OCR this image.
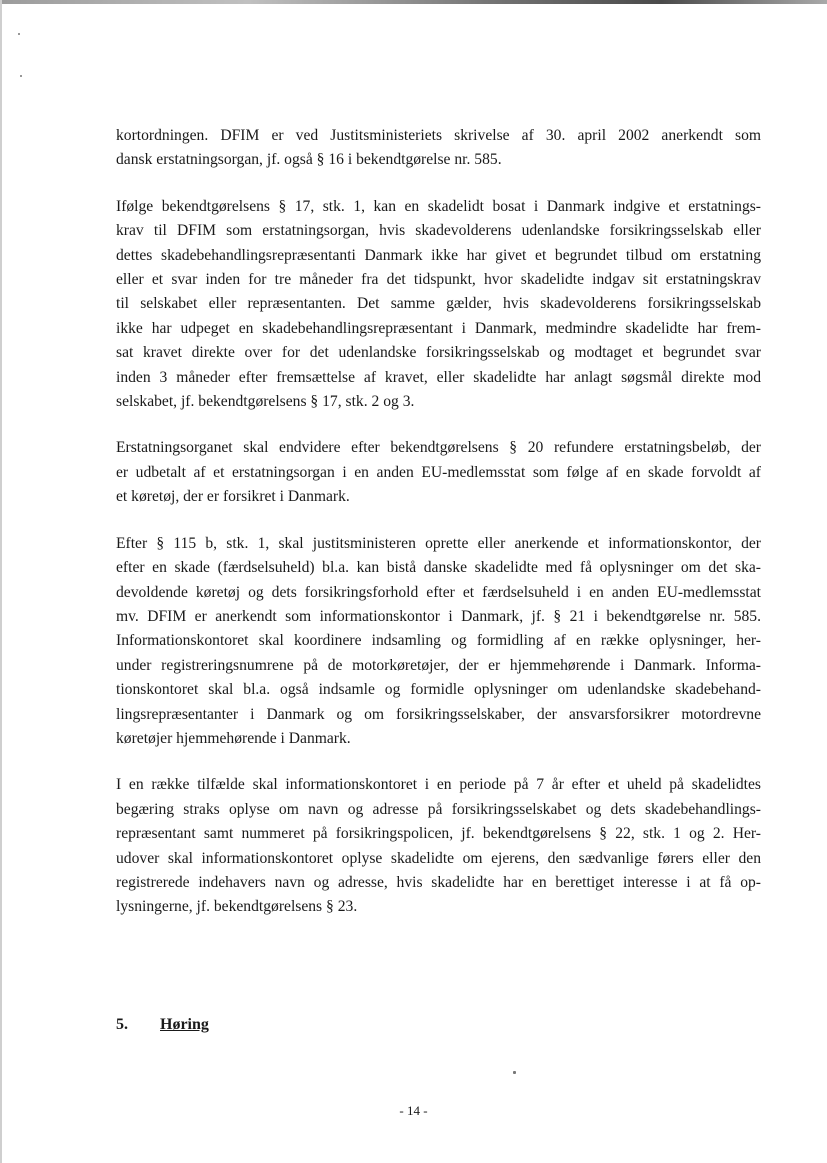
kortordningen. DFIM er ved Justitsministeriets skrivelse af 30. april 2002 anerkendt som
dansk erstatningsorgan, jf. også § 16 i bekendtgørelse nr. 585.

Ifølge bekendtgørelsens § 17, stk. 1, kan en skadelidt bosat i Danmark indgive et erstatnings-
krav til DFIM som erstatningsorgan, hvis skadevolderens udenlandske forsikringsselskab eller
dettes skadebehandlingsrepræsentanti Danmark ikke har givet et begrundet tilbud om erstatning
eller et svar inden for tre måneder fra det tidspunkt, hvor skadelidte indgav sit erstatningskrav
til selskabet eller repræsentanten. Det samme gælder, hvis skadevolderens forsikringsselskab
ikke har udpeget en skadebehandlingsrepræsentant i Danmark, medmindre skadelidte har frem-
sat kravet direkte over for det udenlandske forsikringsselskab og modtaget et begrundet svar
inden 3 måneder efter fremsættelse af kravet, eller skadelidte har anlagt søgsmål direkte mod
selskabet, jf. bekendtgørelsens § 17, stk. 2 og 3.

Erstatningsorganet skal endvidere efter bekendtgørelsens § 20 refundere erstatningsbeløb, der
er udbetalt af et erstatningsorgan i en anden EU-medlemsstat som følge af en skade forvoldt af
et køretøj, der er forsikret i Danmark.

Efter § 115 b, stk. 1, skal justitsministeren oprette eller anerkende et informationskontor, der
efter en skade (færdselsuheld) bl.a. kan bistå danske skadelidte med få oplysninger om det ska-
devoldende køretøj og dets forsikringsforhold efter et færdselsuheld i en anden EU-medlemsstat
mv. DFIM er anerkendt som informationskontor i Danmark, jf. § 21 i bekendtgørelse nr. 585.
Informationskontoret skal koordinere indsamling og formidling af en række oplysninger, her-
under registreringsnumrene på de motorkøretøjer, der er hjemmehørende i Danmark. Informa-
tionskontoret skal bl.a. også indsamle og formidle oplysninger om udenlandske skadebehand-
lingsrepræsentanter i Danmark og om forsikringsselskaber, der ansvarsforsikrer motordrevne
køretøjer hjemmehørende i Danmark.

I en række tilfælde skal informationskontoret i en periode på 7 år efter et uheld på skadelidtes
begæring straks oplyse om navn og adresse på forsikringsselskabet og dets skadebehandlings-
repræsentant samt nummeret på forsikringspolicen, jf. bekendtgørelsens § 22, stk. 1 og 2. Her-
udover skal informationskontoret oplyse skadelidte om ejerens, den sædvanlige førers eller den
registrerede indehavers navn og adresse, hvis skadelidte har en berettiget interesse i at få op-
lysningerne, jf. bekendtgørelsens § 23.

5. Høring
- 14 -
